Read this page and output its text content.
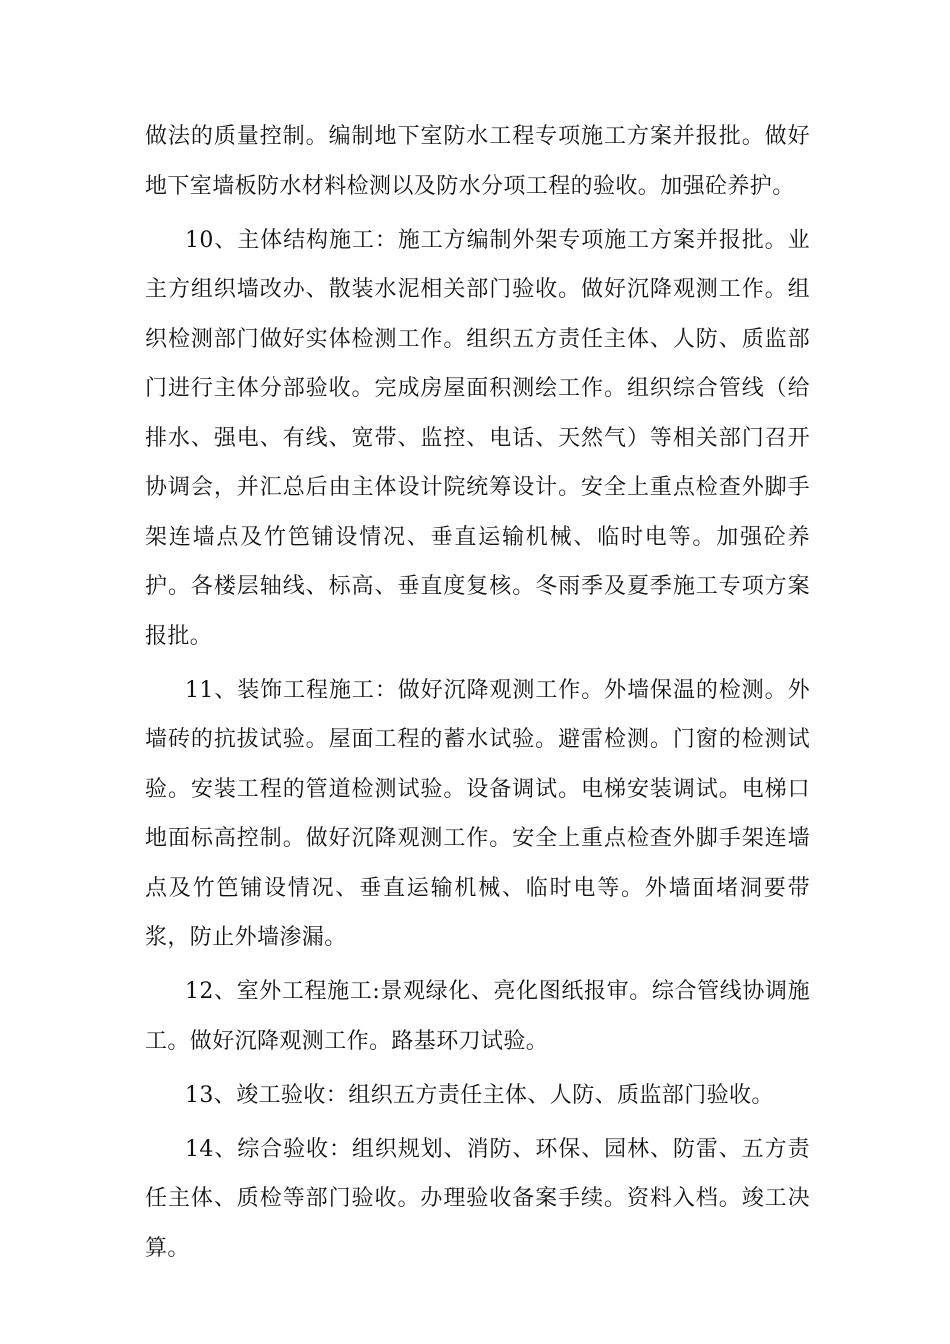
做法的质量控制。编制地下室防水工程专项施工方案并报批。做好地下室墙板防水材料检测以及防水分项工程的验收。加强砼养护。

10、主体结构施工：施工方编制外架专项施工方案并报批。业主方组织墙改办、散装水泥相关部门验收。做好沉降观测工作。组织检测部门做好实体检测工作。组织五方责任主体、人防、质监部门进行主体分部验收。完成房屋面积测绘工作。组织综合管线（给排水、强电、有线、宽带、监控、电话、天然气）等相关部门召开协调会，并汇总后由主体设计院统筹设计。安全上重点检查外脚手架连墙点及竹笆铺设情况、垂直运输机械、临时电等。加强砼养护。各楼层轴线、标高、垂直度复核。冬雨季及夏季施工专项方案报批。

11、装饰工程施工：做好沉降观测工作。外墙保温的检测。外墙砖的抗拔试验。屋面工程的蓄水试验。避雷检测。门窗的检测试验。安装工程的管道检测试验。设备调试。电梯安装调试。电梯口地面标高控制。做好沉降观测工作。安全上重点检查外脚手架连墙点及竹笆铺设情况、垂直运输机械、临时电等。外墙面堵洞要带浆，防止外墙渗漏。

12、室外工程施工:景观绿化、亮化图纸报审。综合管线协调施工。做好沉降观测工作。路基环刀试验。

13、竣工验收：组织五方责任主体、人防、质监部门验收。

14、综合验收：组织规划、消防、环保、园林、防雷、五方责任主体、质检等部门验收。办理验收备案手续。资料入档。竣工决算。
